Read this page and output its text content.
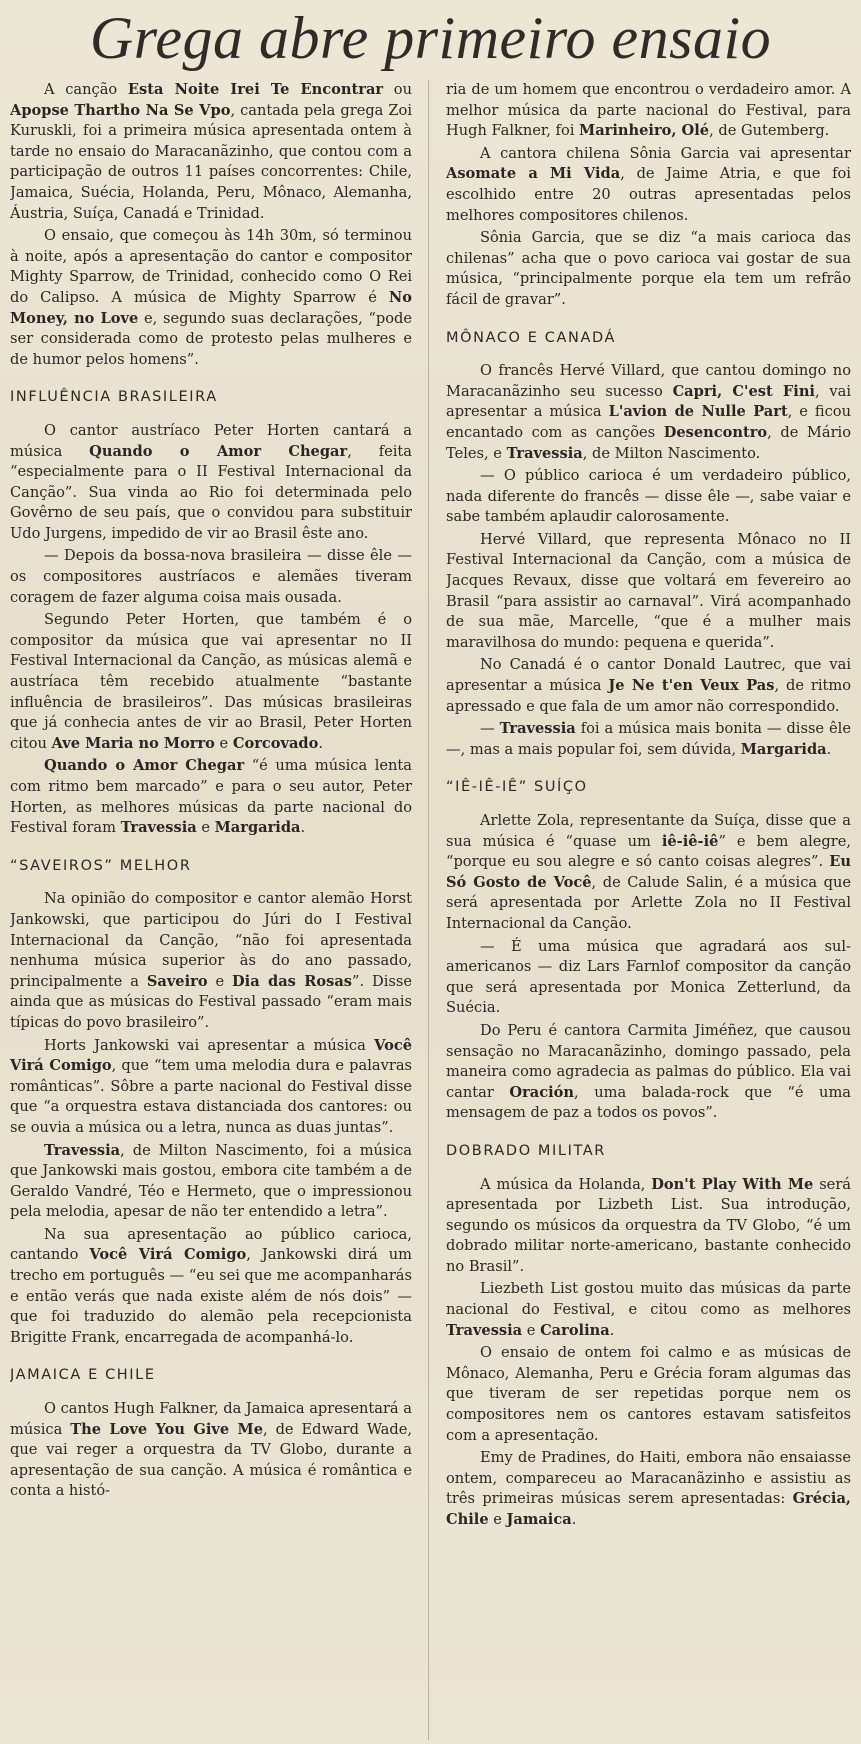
Grega abre primeiro ensaio

A canção Esta Noite Irei Te Encontrar ou Apopse Thartho Na Se Vpo, cantada pela grega Zoi Kuruskli, foi a primeira música apresentada ontem à tarde no ensaio do Maracanãzinho, que contou com a participação de outros 11 países concorrentes: Chile, Jamaica, Suécia, Holanda, Peru, Mônaco, Alemanha, Áustria, Suíça, Canadá e Trinidad.

O ensaio, que começou às 14h 30m, só terminou à noite, após a apresentação do cantor e compositor Mighty Sparrow, de Trinidad, conhecido como O Rei do Calipso. A música de Mighty Sparrow é No Money, no Love e, segundo suas declarações, “pode ser considerada como de protesto pelas mulheres e de humor pelos homens”.

INFLUÊNCIA BRASILEIRA

O cantor austríaco Peter Horten cantará a música Quando o Amor Chegar, feita “especialmente para o II Festival Internacional da Canção”. Sua vinda ao Rio foi determinada pelo Govêrno de seu país, que o convidou para substituir Udo Jurgens, impedido de vir ao Brasil êste ano.

— Depois da bossa-nova brasileira — disse êle — os compositores austríacos e alemães tiveram coragem de fazer alguma coisa mais ousada.

Segundo Peter Horten, que também é o compositor da música que vai apresentar no II Festival Internacional da Canção, as músicas alemã e austríaca têm recebido atualmente “bastante influência de brasileiros”. Das músicas brasileiras que já conhecia antes de vir ao Brasil, Peter Horten citou Ave Maria no Morro e Corcovado.

Quando o Amor Chegar “é uma música lenta com ritmo bem marcado” e para o seu autor, Peter Horten, as melhores músicas da parte nacional do Festival foram Travessia e Margarida.

“SAVEIROS” MELHOR

Na opinião do compositor e cantor alemão Horst Jankowski, que participou do Júri do I Festival Internacional da Canção, “não foi apresentada nenhuma música superior às do ano passado, principalmente a Saveiro e Dia das Rosas”. Disse ainda que as músicas do Festival passado “eram mais típicas do povo brasileiro”.

Horts Jankowski vai apresentar a música Você Virá Comigo, que “tem uma melodia dura e palavras românticas”. Sôbre a parte nacional do Festival disse que “a orquestra estava distanciada dos cantores: ou se ouvia a música ou a letra, nunca as duas juntas”.

Travessia, de Milton Nascimento, foi a música que Jankowski mais gostou, embora cite também a de Geraldo Vandré, Téo e Hermeto, que o impressionou pela melodia, apesar de não ter entendido a letra”.

Na sua apresentação ao público carioca, cantando Você Virá Comigo, Jankowski dirá um trecho em português — “eu sei que me acompanharás e então verás que nada existe além de nós dois” — que foi traduzido do alemão pela recepcionista Brigitte Frank, encarregada de acompanhá-lo.

JAMAICA E CHILE

O cantos Hugh Falkner, da Jamaica apresentará a música The Love You Give Me, de Edward Wade, que vai reger a orquestra da TV Globo, durante a apresentação de sua canção. A música é romântica e conta a histó-

ria de um homem que encontrou o verdadeiro amor. A melhor música da parte nacional do Festival, para Hugh Falkner, foi Marinheiro, Olé, de Gutemberg.

A cantora chilena Sônia Garcia vai apresentar Asomate a Mi Vida, de Jaime Atria, e que foi escolhido entre 20 outras apresentadas pelos melhores compositores chilenos.

Sônia Garcia, que se diz “a mais carioca das chilenas” acha que o povo carioca vai gostar de sua música, “principalmente porque ela tem um refrão fácil de gravar”.

MÔNACO E CANADÁ

O francês Hervé Villard, que cantou domingo no Maracanãzinho seu sucesso Capri, C'est Fini, vai apresentar a música L'avion de Nulle Part, e ficou encantado com as canções Desencontro, de Mário Teles, e Travessia, de Milton Nascimento.

— O público carioca é um verdadeiro público, nada diferente do francês — disse êle —, sabe vaiar e sabe também aplaudir calorosamente.

Hervé Villard, que representa Mônaco no II Festival Internacional da Canção, com a música de Jacques Revaux, disse que voltará em fevereiro ao Brasil “para assistir ao carnaval”. Virá acompanhado de sua mãe, Marcelle, “que é a mulher mais maravilhosa do mundo: pequena e querida”.

No Canadá é o cantor Donald Lautrec, que vai apresentar a música Je Ne t'en Veux Pas, de ritmo apressado e que fala de um amor não correspondido.

— Travessia foi a música mais bonita — disse êle —, mas a mais popular foi, sem dúvida, Margarida.

“IÊ-IÊ-IÊ” SUÍÇO

Arlette Zola, representante da Suíça, disse que a sua música é “quase um iê-iê-iê” e bem alegre, “porque eu sou alegre e só canto coisas alegres”. Eu Só Gosto de Você, de Calude Salin, é a música que será apresentada por Arlette Zola no II Festival Internacional da Canção.

— É uma música que agradará aos sul-americanos — diz Lars Farnlof compositor da canção que será apresentada por Monica Zetterlund, da Suécia.

Do Peru é cantora Carmita Jiméñez, que causou sensação no Maracanãzinho, domingo passado, pela maneira como agradecia as palmas do público. Ela vai cantar Oración, uma balada-rock que “é uma mensagem de paz a todos os povos”.

DOBRADO MILITAR

A música da Holanda, Don't Play With Me será apresentada por Lizbeth List. Sua introdução, segundo os músicos da orquestra da TV Globo, “é um dobrado militar norte-americano, bastante conhecido no Brasil”.

Liezbeth List gostou muito das músicas da parte nacional do Festival, e citou como as melhores Travessia e Carolina.

O ensaio de ontem foi calmo e as músicas de Mônaco, Alemanha, Peru e Grécia foram algumas das que tiveram de ser repetidas porque nem os compositores nem os cantores estavam satisfeitos com a apresentação.

Emy de Pradines, do Haiti, embora não ensaiasse ontem, compareceu ao Maracanãzinho e assistiu as três primeiras músicas serem apresentadas: Grécia, Chile e Jamaica.
